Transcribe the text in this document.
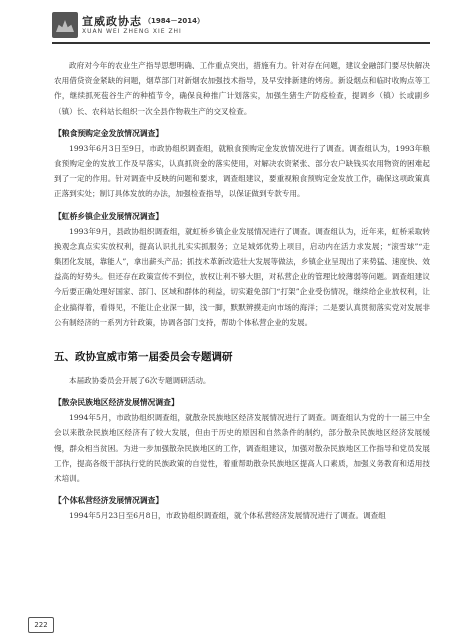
宣威政协志 （1984－2014）
XUAN WEI ZHENG XIE ZHI

政府对今年的农业生产指导思想明确、工作重点突出，措施有力。针对存在问题，建议金融部门要尽快解决农用借贷资金紧缺的问题，烟草部门对新烟农加强技术指导，及早安排新建的烤房。新设烟点和临时收购点等工作，继续抓死苞谷生产的种植节令，确保良种推广计划落实，加强生猪生产防疫检查，提调乡（镇）长或副乡（镇）长、农科站长组织一次全县作物栽生产的交叉检查。

【粮食预购定金发放情况调查】

1993年6月3日至9日，市政协组织调查组，就粮食预购定金发放情况进行了调查。调查组认为，1993年粮食预购定金的发放工作及早落实，认真抓资金的落实使用，对解决农资紧张、部分农户缺钱买农用物资的困难起到了一定的作用。针对调查中反映的问题和要求，调查组建议，要重视粮食预购定金发放工作，确保这项政策真正落到实处；制订具体发放的办法，加强检查指导，以保证做到专款专用。

【虹桥乡镇企业发展情况调查】

1993年9月，县政协组织调查组，就虹桥乡镇企业发展情况进行了调查。调查组认为，近年来，虹桥采取转换观念真点实实放权利，提高认识扎扎实实抓服务；立足城郊优势上项目，启动内在活力求发展；“滚雪球”“走集团化发展，靠能人”，拿出薪头产品；抓技术革新改造壮大发展等做法，乡镇企业呈现出了来势猛、速度快、效益高的好势头。但还存在政策宣传不到位，放权让利不够大胆，对私营企业的管理比较薄弱等问题。调查组建议今后要正确处理好国家、部门、区域和群体的利益，切实避免部门“打架”企业受伤情况，继续给企业放权利，让企业搞得着，看得见，不能让企业深一脚，浅一脚，默默辨摸走向市场的海洋；二是要认真贯彻落实党对发展非公有制经济的一系列方针政策，协调各部门支持，帮助个体私营企业的发展。

五、政协宣威市第一届委员会专题调研

本届政协委员会开展了6次专题调研活动。

【散杂民族地区经济发展情况调查】

1994年5月，市政协组织调查组，就散杂民族地区经济发展情况进行了调查。调查组认为党的十一届三中全会以来散杂民族地区经济有了较大发展，但由于历史的原因和自然条件的制约，部分散杂民族地区经济发展缓慢，群众相当贫困。为进一步加强散杂民族地区的工作，调查组建议，加强对散杂民族地区工作指导和党员发展工作，提高各级干部执行党的民族政策的自觉性，着重帮助散杂民族地区提高人口素质，加强义务教育和适用技术培训。

【个体私营经济发展情况调查】

1994年5月23日至6月8日，市政协组织调查组，就个体私营经济发展情况进行了调查。调查组

222
